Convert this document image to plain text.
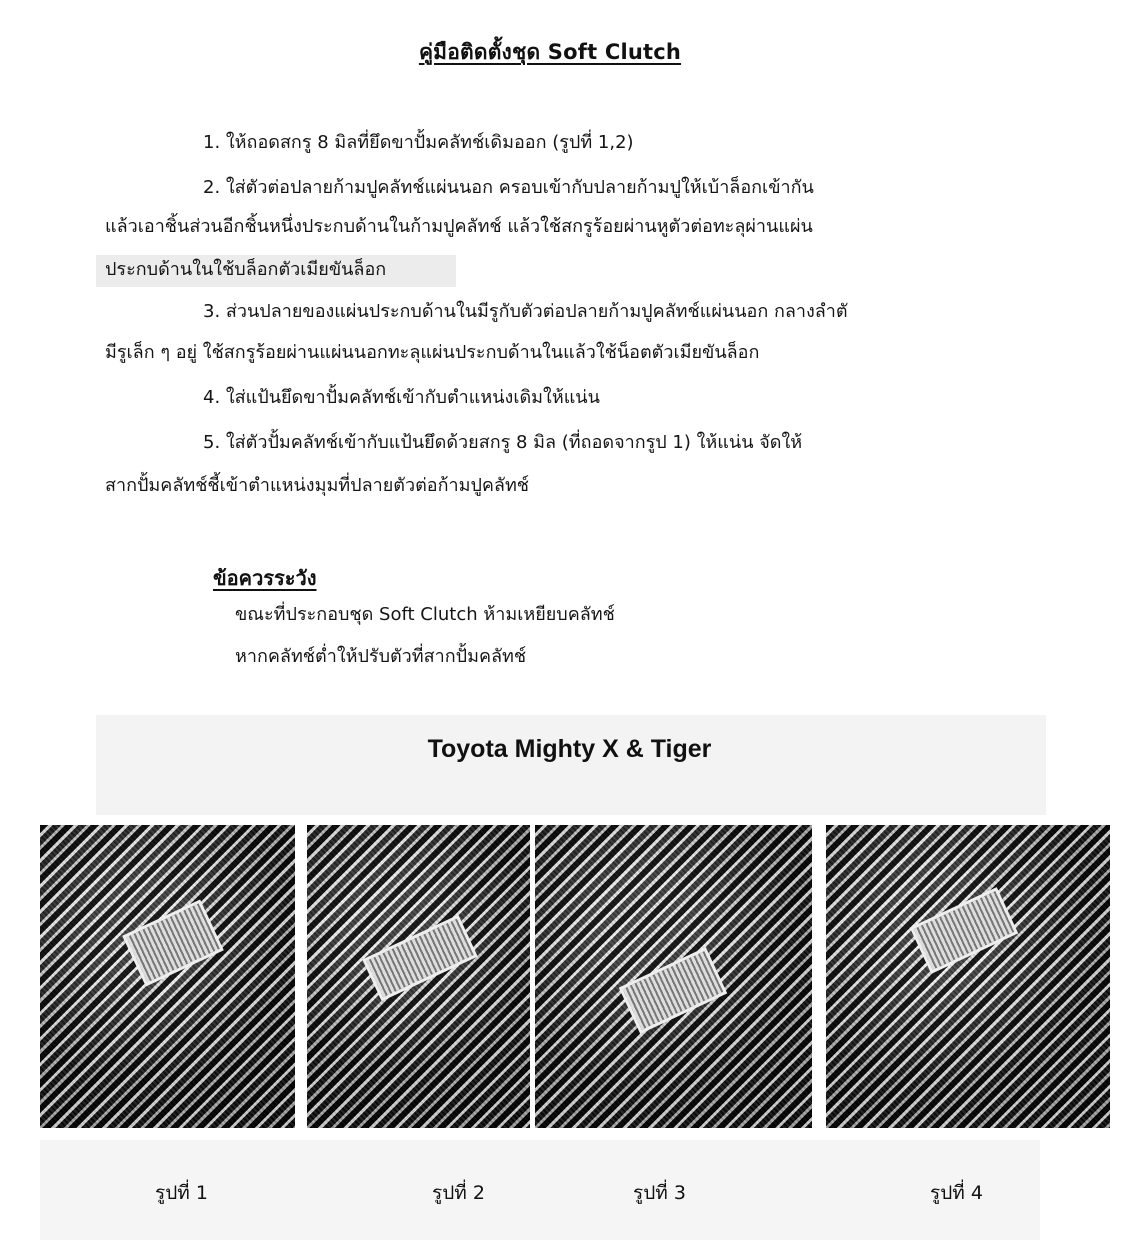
คู่มือติดตั้งชุด Soft Clutch
1. ให้ถอดสกรู 8 มิลที่ยึดขาปั้มคลัทช์เดิมออก (รูปที่ 1,2)
2. ใส่ตัวต่อปลายก้ามปูคลัทช์แผ่นนอก ครอบเข้ากับปลายก้ามปูให้เบ้าล็อกเข้ากัน
แล้วเอาชิ้นส่วนอีกชิ้นหนึ่งประกบด้านในก้ามปูคลัทช์ แล้วใช้สกรูร้อยผ่านหูตัวต่อทะลุผ่านแผ่น
ประกบด้านในใช้บล็อกตัวเมียขันล็อก
3. ส่วนปลายของแผ่นประกบด้านในมีรูกับตัวต่อปลายก้ามปูคลัทช์แผ่นนอก กลางลำตั
มีรูเล็ก ๆ อยู่ ใช้สกรูร้อยผ่านแผ่นนอกทะลุแผ่นประกบด้านในแล้วใช้น็อตตัวเมียขันล็อก
4. ใส่แป้นยึดขาปั้มคลัทช์เข้ากับตำแหน่งเดิมให้แน่น
5. ใส่ตัวปั้มคลัทช์เข้ากับแป้นยึดด้วยสกรู 8 มิล (ที่ถอดจากรูป 1) ให้แน่น จัดให้
สากปั้มคลัทช์ชี้เข้าตำแหน่งมุมที่ปลายตัวต่อก้ามปูคลัทช์
ข้อควรระวัง
ขณะที่ประกอบชุด Soft Clutch ห้ามเหยียบคลัทช์
หากคลัทช์ต่ำให้ปรับตัวที่สากปั้มคลัทช์
Toyota Mighty X & Tiger
รูปที่ 1	รูปที่ 2	รูปที่ 3	รูปที่ 4
